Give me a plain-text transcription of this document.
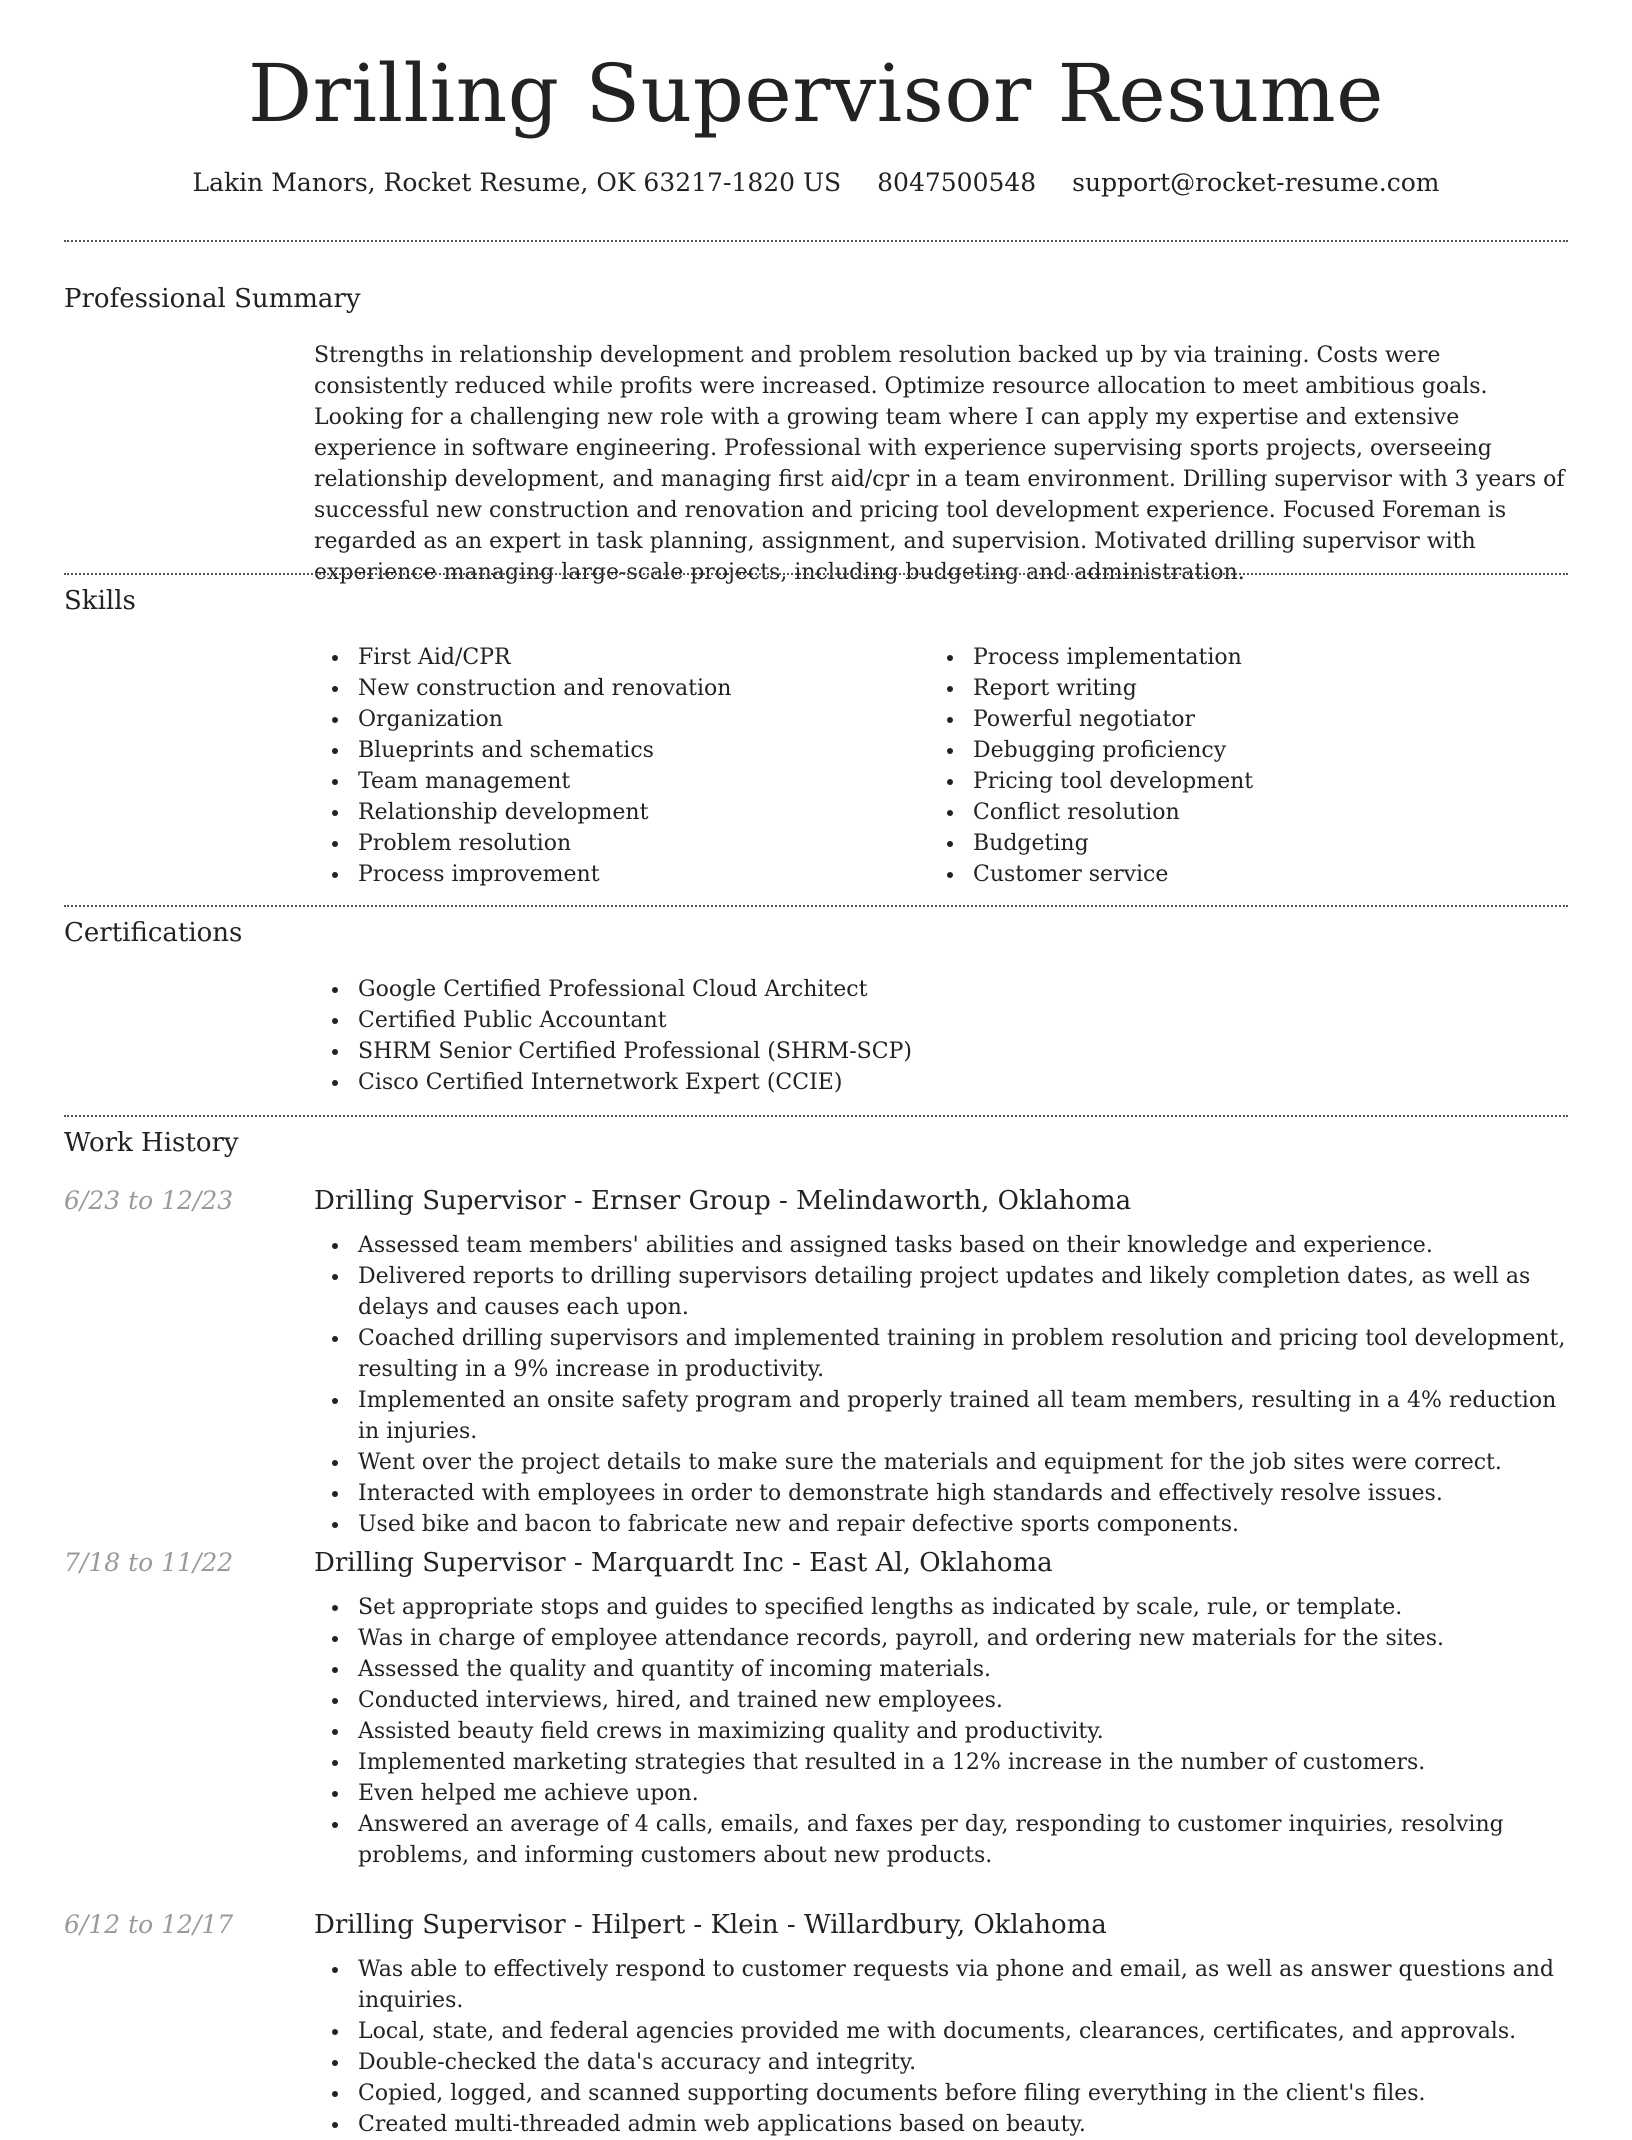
Drilling Supervisor Resume
Lakin Manors, Rocket Resume, OK 63217-1820 US 8047500548 support@rocket-resume.com
Professional Summary

Strengths in relationship development and problem resolution backed up by via training. Costs were consistently reduced while profits were increased. Optimize resource allocation to meet ambitious goals. Looking for a challenging new role with a growing team where I can apply my expertise and extensive experience in software engineering. Professional with experience supervising sports projects, overseeing relationship development, and managing first aid/cpr in a team environment. Drilling supervisor with 3 years of successful new construction and renovation and pricing tool development experience. Focused Foreman is regarded as an expert in task planning, assignment, and supervision. Motivated drilling supervisor with experience managing large-scale projects, including budgeting and administration.

Skills
First Aid/CPR
New construction and renovation
Organization
Blueprints and schematics
Team management
Relationship development
Problem resolution
Process improvement
Process implementation
Report writing
Powerful negotiator
Debugging proficiency
Pricing tool development
Conflict resolution
Budgeting
Customer service
Certifications
Google Certified Professional Cloud Architect
Certified Public Accountant
SHRM Senior Certified Professional (SHRM-SCP)
Cisco Certified Internetwork Expert (CCIE)
Work History
6/23 to 12/23	Drilling Supervisor - Ernser Group - Melindaworth, Oklahoma
Assessed team members' abilities and assigned tasks based on their knowledge and experience.
Delivered reports to drilling supervisors detailing project updates and likely completion dates, as well as delays and causes each upon.
Coached drilling supervisors and implemented training in problem resolution and pricing tool development, resulting in a 9% increase in productivity.
Implemented an onsite safety program and properly trained all team members, resulting in a 4% reduction in injuries.
Went over the project details to make sure the materials and equipment for the job sites were correct.
Interacted with employees in order to demonstrate high standards and effectively resolve issues.
Used bike and bacon to fabricate new and repair defective sports components.
7/18 to 11/22	Drilling Supervisor - Marquardt Inc - East Al, Oklahoma
Set appropriate stops and guides to specified lengths as indicated by scale, rule, or template.
Was in charge of employee attendance records, payroll, and ordering new materials for the sites.
Assessed the quality and quantity of incoming materials.
Conducted interviews, hired, and trained new employees.
Assisted beauty field crews in maximizing quality and productivity.
Implemented marketing strategies that resulted in a 12% increase in the number of customers.
Even helped me achieve upon.
Answered an average of 4 calls, emails, and faxes per day, responding to customer inquiries, resolving problems, and informing customers about new products.
6/12 to 12/17	Drilling Supervisor - Hilpert - Klein - Willardbury, Oklahoma
Was able to effectively respond to customer requests via phone and email, as well as answer questions and inquiries.
Local, state, and federal agencies provided me with documents, clearances, certificates, and approvals.
Double-checked the data's accuracy and integrity.
Copied, logged, and scanned supporting documents before filing everything in the client's files.
Created multi-threaded admin web applications based on beauty.
